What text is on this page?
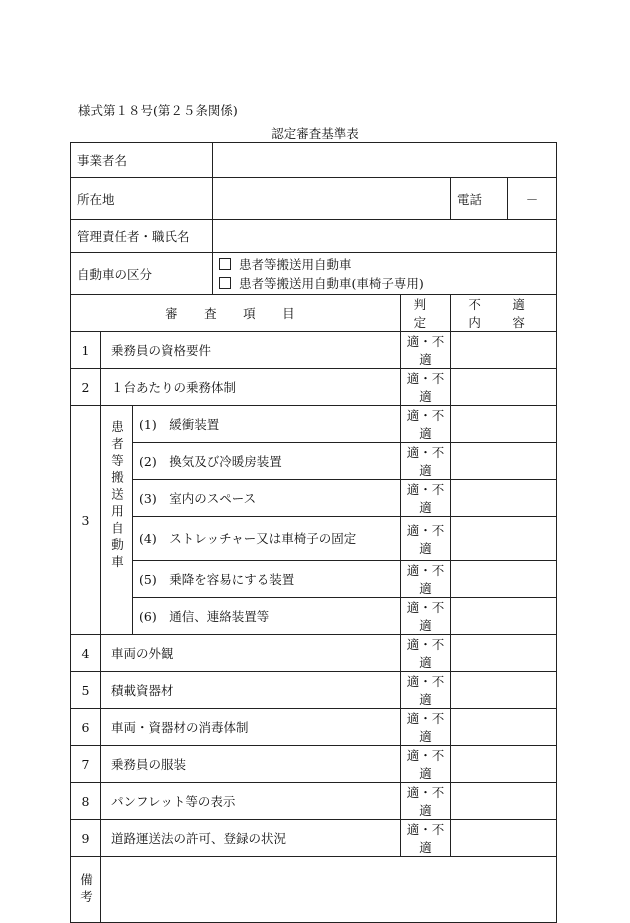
様式第１８号(第２５条関係)
認定審査基準表
事業者名					
所在地					電話 －

管理責任者・職氏名					
自動車の区分			患者等搬送用自動車
患者等搬送用自動車(車椅子専用)		

審 査 項 目				判 定	不 適 内 容
1	乗務員の資格要件			適・不適	
2	１台あたりの乗務体制			適・不適	
3	患者等搬送用自動車	(1)　緩衝装置		適・不適	
		(2)　換気及び冷暖房装置		適・不適	
		(3)　室内のスペース		適・不適	
		(4)　ストレッチャー又は車椅子の固定		適・不適	
		(5)　乗降を容易にする装置		適・不適	
		(6)　通信、連絡装置等		適・不適	
4	車両の外観			適・不適	
5	積載資器材			適・不適	
6	車両・資器材の消毒体制			適・不適	
7	乗務員の服装			適・不適	
8	パンフレット等の表示			適・不適	
9	道路運送法の許可、登録の状況			適・不適	
備考					
